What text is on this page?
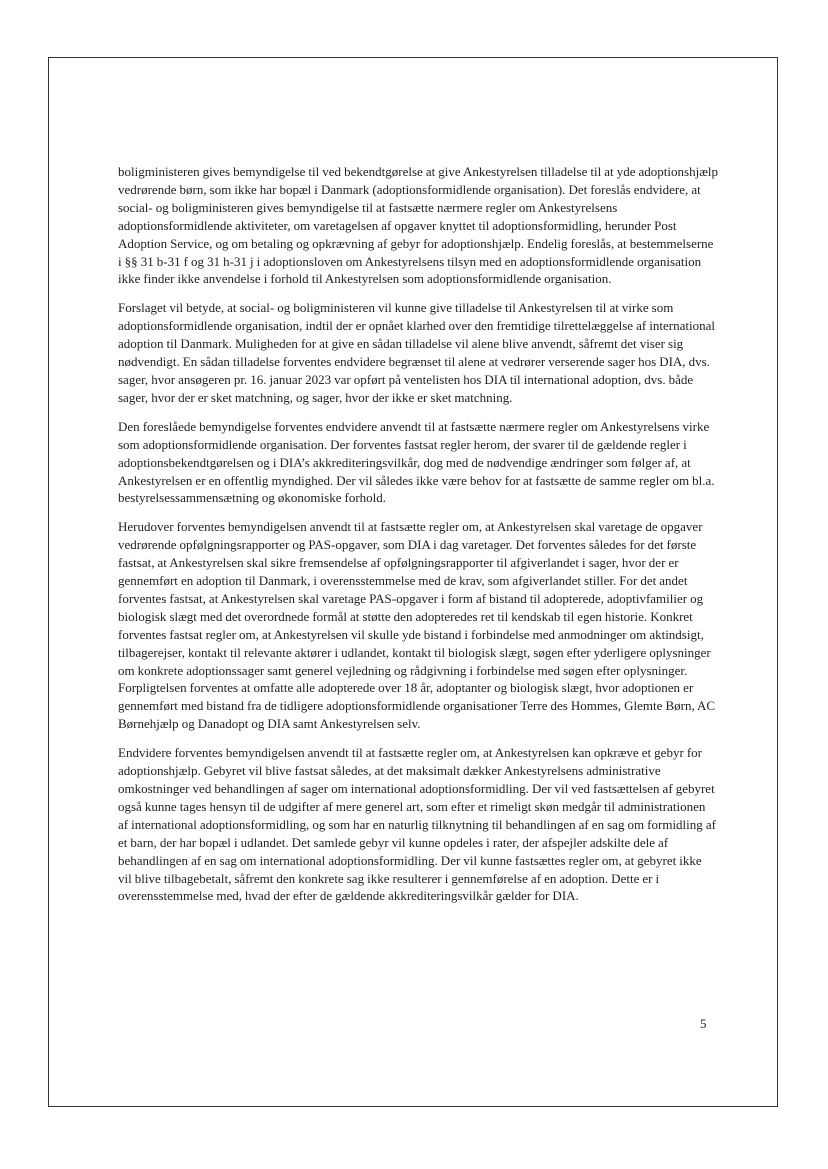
boligministeren gives bemyndigelse til ved bekendtgørelse at give Ankestyrelsen tilladelse til at yde adoptionshjælp vedrørende børn, som ikke har bopæl i Danmark (adoptionsformidlende organisation). Det foreslås endvidere, at social- og boligministeren gives bemyndigelse til at fastsætte nærmere regler om Ankestyrelsens adoptionsformidlende aktiviteter, om varetagelsen af opgaver knyttet til adoptionsformidling, herunder Post Adoption Service, og om betaling og opkrævning af gebyr for adoptionshjælp. Endelig foreslås, at bestemmelserne i §§ 31 b-31 f og 31 h-31 j i adoptionsloven om Ankestyrelsens tilsyn med en adoptionsformidlende organisation ikke finder ikke anvendelse i forhold til Ankestyrelsen som adoptionsformidlende organisation.

Forslaget vil betyde, at social- og boligministeren vil kunne give tilladelse til Ankestyrelsen til at virke som adoptionsformidlende organisation, indtil der er opnået klarhed over den fremtidige tilrettelæggelse af international adoption til Danmark. Muligheden for at give en sådan tilladelse vil alene blive anvendt, såfremt det viser sig nødvendigt. En sådan tilladelse forventes endvidere begrænset til alene at vedrører verserende sager hos DIA, dvs. sager, hvor ansøgeren pr. 16. januar 2023 var opført på ventelisten hos DIA til international adoption, dvs. både sager, hvor der er sket matchning, og sager, hvor der ikke er sket matchning.

Den foreslåede bemyndigelse forventes endvidere anvendt til at fastsætte nærmere regler om Ankestyrelsens virke som adoptionsformidlende organisation. Der forventes fastsat regler herom, der svarer til de gældende regler i adoptionsbekendtgørelsen og i DIA’s akkrediteringsvilkår, dog med de nødvendige ændringer som følger af, at Ankestyrelsen er en offentlig myndighed. Der vil således ikke være behov for at fastsætte de samme regler om bl.a. bestyrelsessammensætning og økonomiske forhold.

Herudover forventes bemyndigelsen anvendt til at fastsætte regler om, at Ankestyrelsen skal varetage de opgaver vedrørende opfølgningsrapporter og PAS-opgaver, som DIA i dag varetager. Det forventes således for det første fastsat, at Ankestyrelsen skal sikre fremsendelse af opfølgningsrapporter til afgiverlandet i sager, hvor der er gennemført en adoption til Danmark, i overensstemmelse med de krav, som afgiverlandet stiller. For det andet forventes fastsat, at Ankestyrelsen skal varetage PAS-opgaver i form af bistand til adopterede, adoptivfamilier og biologisk slægt med det overordnede formål at støtte den adopteredes ret til kendskab til egen historie. Konkret forventes fastsat regler om, at Ankestyrelsen vil skulle yde bistand i forbindelse med anmodninger om aktindsigt, tilbagerejser, kontakt til relevante aktører i udlandet, kontakt til biologisk slægt, søgen efter yderligere oplysninger om konkrete adoptionssager samt generel vejledning og rådgivning i forbindelse med søgen efter oplysninger. Forpligtelsen forventes at omfatte alle adopterede over 18 år, adoptanter og biologisk slægt, hvor adoptionen er gennemført med bistand fra de tidligere adoptionsformidlende organisationer Terre des Hommes, Glemte Børn, AC Børnehjælp og Danadopt og DIA samt Ankestyrelsen selv.

Endvidere forventes bemyndigelsen anvendt til at fastsætte regler om, at Ankestyrelsen kan opkræve et gebyr for adoptionshjælp. Gebyret vil blive fastsat således, at det maksimalt dækker Ankestyrelsens administrative omkostninger ved behandlingen af sager om international adoptionsformidling. Der vil ved fastsættelsen af gebyret også kunne tages hensyn til de udgifter af mere generel art, som efter et rimeligt skøn medgår til administrationen af international adoptionsformidling, og som har en naturlig tilknytning til behandlingen af en sag om formidling af et barn, der har bopæl i udlandet. Det samlede gebyr vil kunne opdeles i rater, der afspejler adskilte dele af behandlingen af en sag om international adoptionsformidling. Der vil kunne fastsættes regler om, at gebyret ikke vil blive tilbagebetalt, såfremt den konkrete sag ikke resulterer i gennemførelse af en adoption. Dette er i overensstemmelse med, hvad der efter de gældende akkrediteringsvilkår gælder for DIA.

5
